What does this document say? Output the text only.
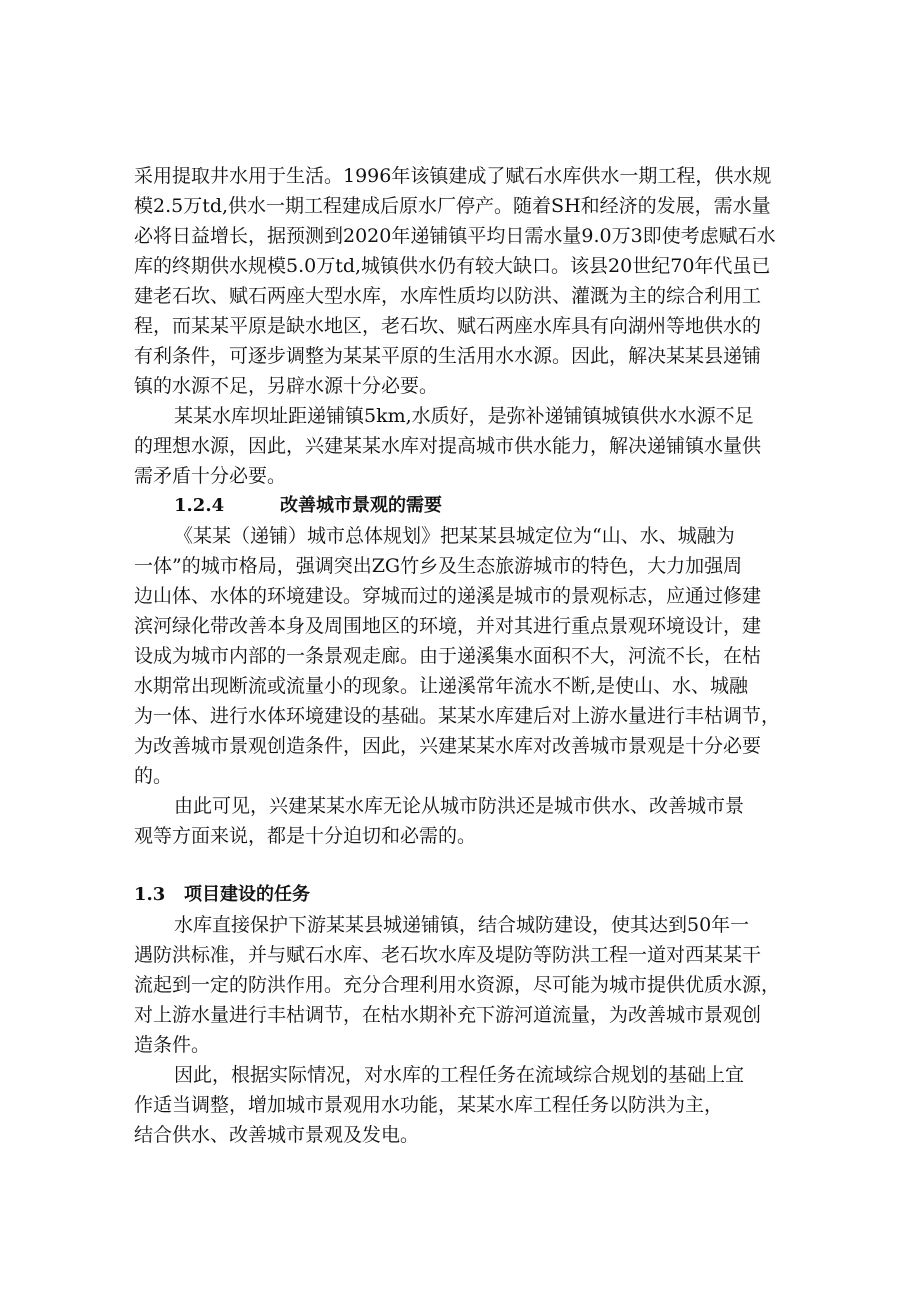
采用提取井水用于生活。1996年该镇建成了赋石水库供水一期工程，供水规
模2.5万td,供水一期工程建成后原水厂停产。随着SH和经济的发展，需水量
必将日益增长，据预测到2020年递铺镇平均日需水量9.0万3即使考虑赋石水
库的终期供水规模5.0万td,城镇供水仍有较大缺口。该县20世纪70年代虽已
建老石坎、赋石两座大型水库，水库性质均以防洪、灌溉为主的综合利用工
程，而某某平原是缺水地区，老石坎、赋石两座水库具有向湖州等地供水的
有利条件，可逐步调整为某某平原的生活用水水源。因此，解决某某县递铺
镇的水源不足，另辟水源十分必要。
某某水库坝址距递铺镇5km,水质好，是弥补递铺镇城镇供水水源不足
的理想水源，因此，兴建某某水库对提高城市供水能力，解决递铺镇水量供
需矛盾十分必要。
1.2.4	改善城市景观的需要
《某某（递铺）城市总体规划》把某某县城定位为“山、水、城融为
一体”的城市格局，强调突出ZG竹乡及生态旅游城市的特色，大力加强周
边山体、水体的环境建设。穿城而过的递溪是城市的景观标志，应通过修建
滨河绿化带改善本身及周围地区的环境，并对其进行重点景观环境设计，建
设成为城市内部的一条景观走廊。由于递溪集水面积不大，河流不长，在枯
水期常出现断流或流量小的现象。让递溪常年流水不断,是使山、水、城融
为一体、进行水体环境建设的基础。某某水库建后对上游水量进行丰枯调节，
为改善城市景观创造条件，因此，兴建某某水库对改善城市景观是十分必要
的。
由此可见，兴建某某水库无论从城市防洪还是城市供水、改善城市景
观等方面来说，都是十分迫切和必需的。
1.3 项目建设的任务
水库直接保护下游某某县城递铺镇，结合城防建设，使其达到50年一
遇防洪标准，并与赋石水库、老石坎水库及堤防等防洪工程一道对西某某干
流起到一定的防洪作用。充分合理利用水资源，尽可能为城市提供优质水源，
对上游水量进行丰枯调节，在枯水期补充下游河道流量，为改善城市景观创
造条件。
因此，根据实际情况，对水库的工程任务在流域综合规划的基础上宜
作适当调整，增加城市景观用水功能，某某水库工程任务以防洪为主，
结合供水、改善城市景观及发电。
